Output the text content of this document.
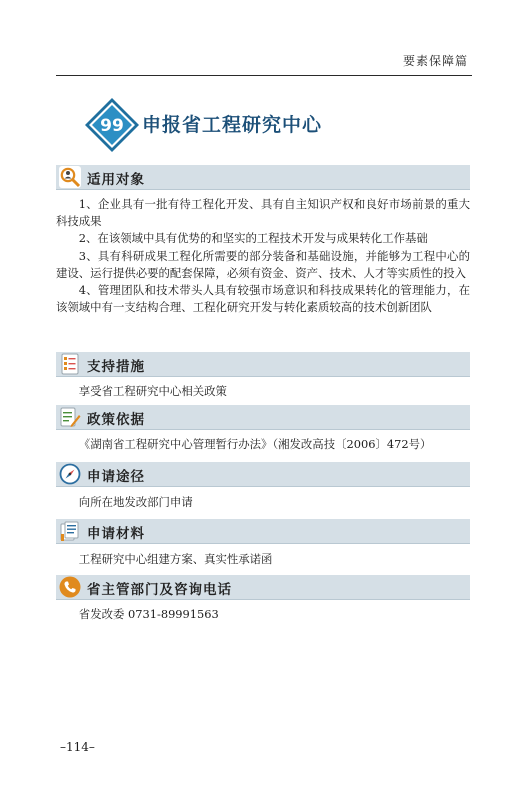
要素保障篇
99 申报省工程研究中心
适用对象

1、企业具有一批有待工程化开发、具有自主知识产权和良好市场前景的重大科技成果

2、在该领域中具有优势的和坚实的工程技术开发与成果转化工作基础

3、具有科研成果工程化所需要的部分装备和基础设施，并能够为工程中心的建设、运行提供必要的配套保障，必须有资金、资产、技术、人才等实质性的投入

4、管理团队和技术带头人具有较强市场意识和科技成果转化的管理能力，在该领域中有一支结构合理、工程化研究开发与转化素质较高的技术创新团队

支持措施

享受省工程研究中心相关政策

政策依据

《湖南省工程研究中心管理暂行办法》（湘发改高技〔2006〕472号）

申请途径

向所在地发改部门申请

申请材料

工程研究中心组建方案、真实性承诺函

省主管部门及咨询电话

省发改委 0731-89991563

–114–
